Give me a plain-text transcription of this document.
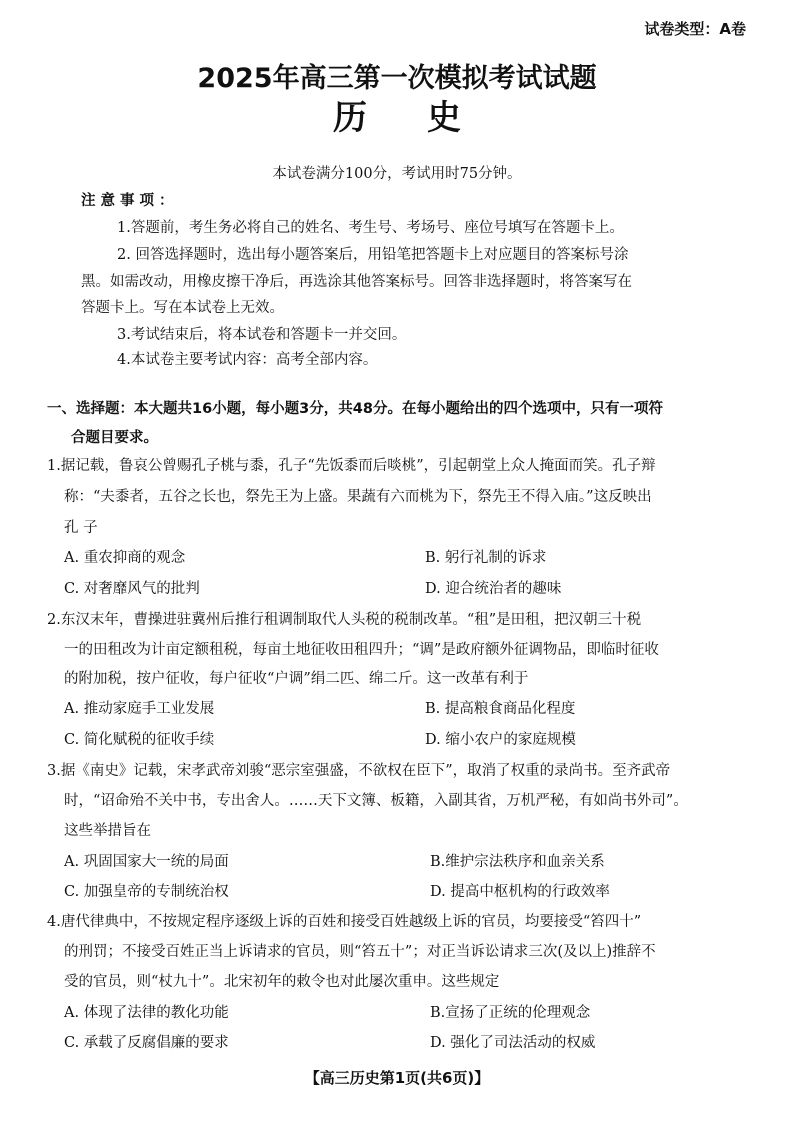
试卷类型：A卷
2025年高三第一次模拟考试试题
历史
本试卷满分100分，考试用时75分钟。
注意事项：
1.答题前，考生务必将自己的姓名、考生号、考场号、座位号填写在答题卡上。
2. 回答选择题时，选出每小题答案后，用铅笔把答题卡上对应题目的答案标号涂
黑。如需改动，用橡皮擦干净后，再选涂其他答案标号。回答非选择题时，将答案写在
答题卡上。写在本试卷上无效。
3.考试结束后，将本试卷和答题卡一并交回。
4.本试卷主要考试内容：高考全部内容。
一、选择题：本大题共16小题，每小题3分，共48分。在每小题给出的四个选项中，只有一项符
合题目要求。
1.据记载，鲁哀公曾赐孔子桃与黍，孔子“先饭黍而后啖桃”，引起朝堂上众人掩面而笑。孔子辩
称：“夫黍者，五谷之长也，祭先王为上盛。果蔬有六而桃为下，祭先王不得入庙。”这反映出
孔 子
A. 重农抑商的观念	B. 躬行礼制的诉求
C. 对奢靡风气的批判	D. 迎合统治者的趣味
2.东汉末年，曹操进驻冀州后推行租调制取代人头税的税制改革。“租”是田租，把汉朝三十税
一的田租改为计亩定额租税，每亩土地征收田租四升；“调”是政府额外征调物品，即临时征收
的附加税，按户征收，每户征收“户调”绢二匹、绵二斤。这一改革有利于
A. 推动家庭手工业发展	B. 提高粮食商品化程度
C. 简化赋税的征收手续	D. 缩小农户的家庭规模
3.据《南史》记载，宋孝武帝刘骏“恶宗室强盛，不欲权在臣下”，取消了权重的录尚书。至齐武帝
时，“诏命殆不关中书，专出舍人。……天下文簿、板籍，入副其省，万机严秘，有如尚书外司”。
这些举措旨在
A. 巩固国家大一统的局面	B.维护宗法秩序和血亲关系
C. 加强皇帝的专制统治权	D. 提高中枢机构的行政效率
4.唐代律典中，不按规定程序逐级上诉的百姓和接受百姓越级上诉的官员，均要接受“笞四十”
的刑罚；不接受百姓正当上诉请求的官员，则“笞五十”；对正当诉讼请求三次(及以上)推辞不
受的官员，则“杖九十”。北宋初年的敕令也对此屡次重申。这些规定
A. 体现了法律的教化功能	B.宣扬了正统的伦理观念
C. 承载了反腐倡廉的要求	D. 强化了司法活动的权威
【高三历史第1页(共6页)】
